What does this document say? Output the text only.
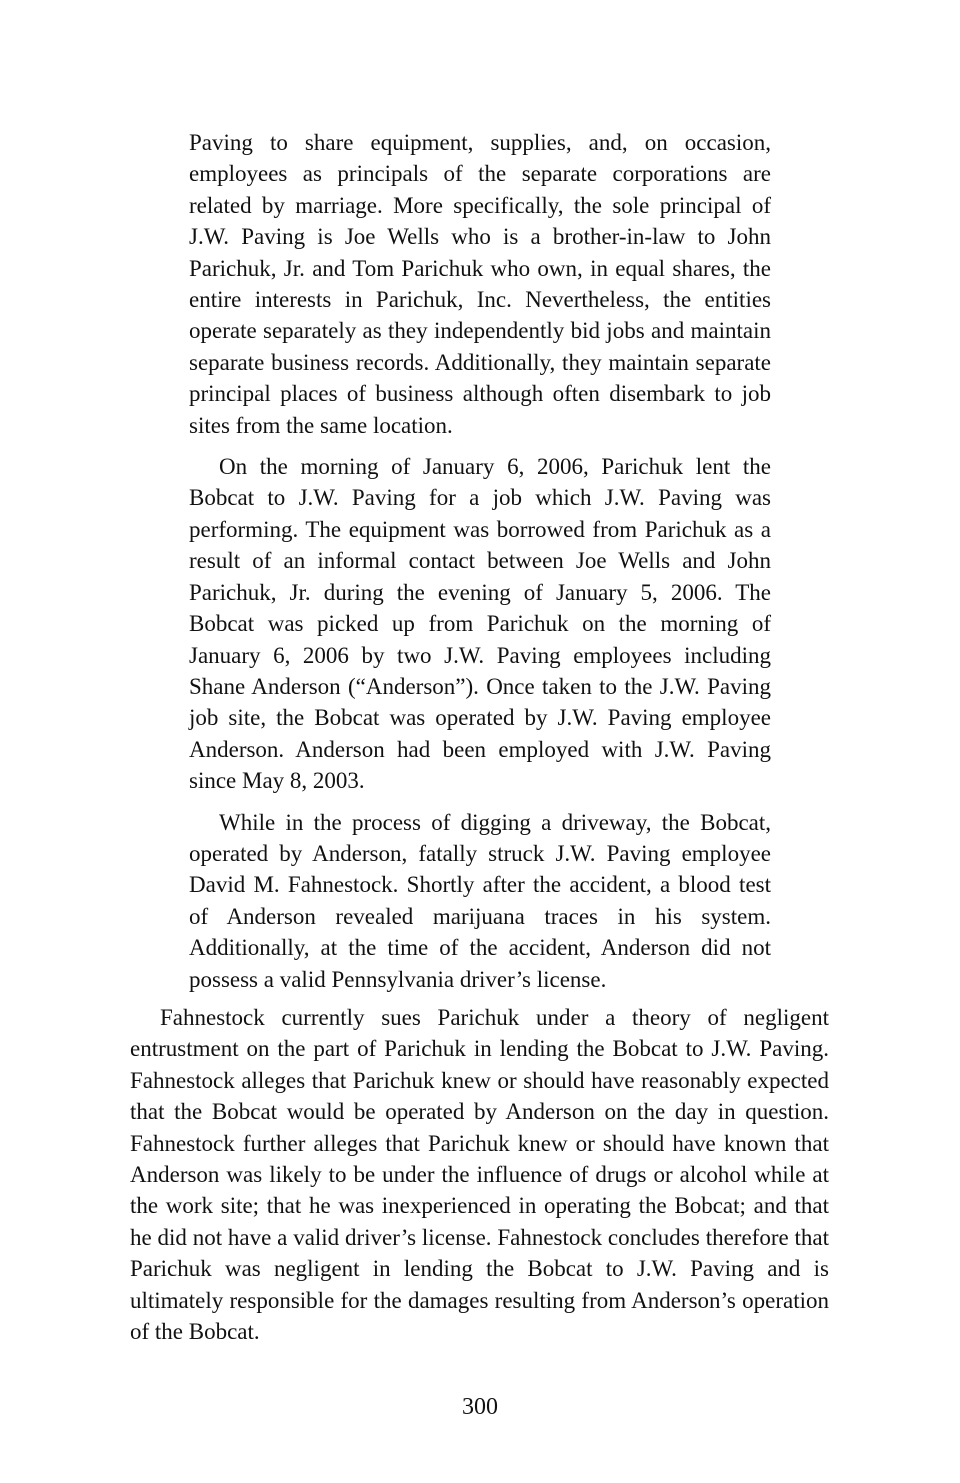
Paving to share equipment, supplies, and, on occasion, employees as principals of the separate corporations are related by marriage. More specifically, the sole principal of J.W. Paving is Joe Wells who is a brother-in-law to John Parichuk, Jr. and Tom Parichuk who own, in equal shares, the entire interests in Parichuk, Inc. Nevertheless, the entities operate separately as they independently bid jobs and maintain separate business records. Additionally, they maintain separate principal places of business although often disembark to job sites from the same location.

On the morning of January 6, 2006, Parichuk lent the Bobcat to J.W. Paving for a job which J.W. Paving was performing. The equipment was borrowed from Parichuk as a result of an informal contact between Joe Wells and John Parichuk, Jr. during the evening of January 5, 2006. The Bobcat was picked up from Parichuk on the morning of January 6, 2006 by two J.W. Paving employees including Shane Anderson (“Anderson”). Once taken to the J.W. Paving job site, the Bobcat was operated by J.W. Paving employee Anderson. Anderson had been employed with J.W. Paving since May 8, 2003.

While in the process of digging a driveway, the Bobcat, operated by Anderson, fatally struck J.W. Paving employee David M. Fahnestock. Shortly after the accident, a blood test of Anderson revealed marijuana traces in his system. Additionally, at the time of the accident, Anderson did not possess a valid Pennsylvania driver’s license.

Fahnestock currently sues Parichuk under a theory of negligent entrustment on the part of Parichuk in lending the Bobcat to J.W. Paving. Fahnestock alleges that Parichuk knew or should have reasonably expected that the Bobcat would be operated by Anderson on the day in question. Fahnestock further alleges that Parichuk knew or should have known that Anderson was likely to be under the influence of drugs or alcohol while at the work site; that he was inexperienced in operating the Bobcat; and that he did not have a valid driver’s license. Fahnestock concludes therefore that Parichuk was negligent in lending the Bobcat to J.W. Paving and is ultimately responsible for the damages resulting from Anderson’s operation of the Bobcat.

300
